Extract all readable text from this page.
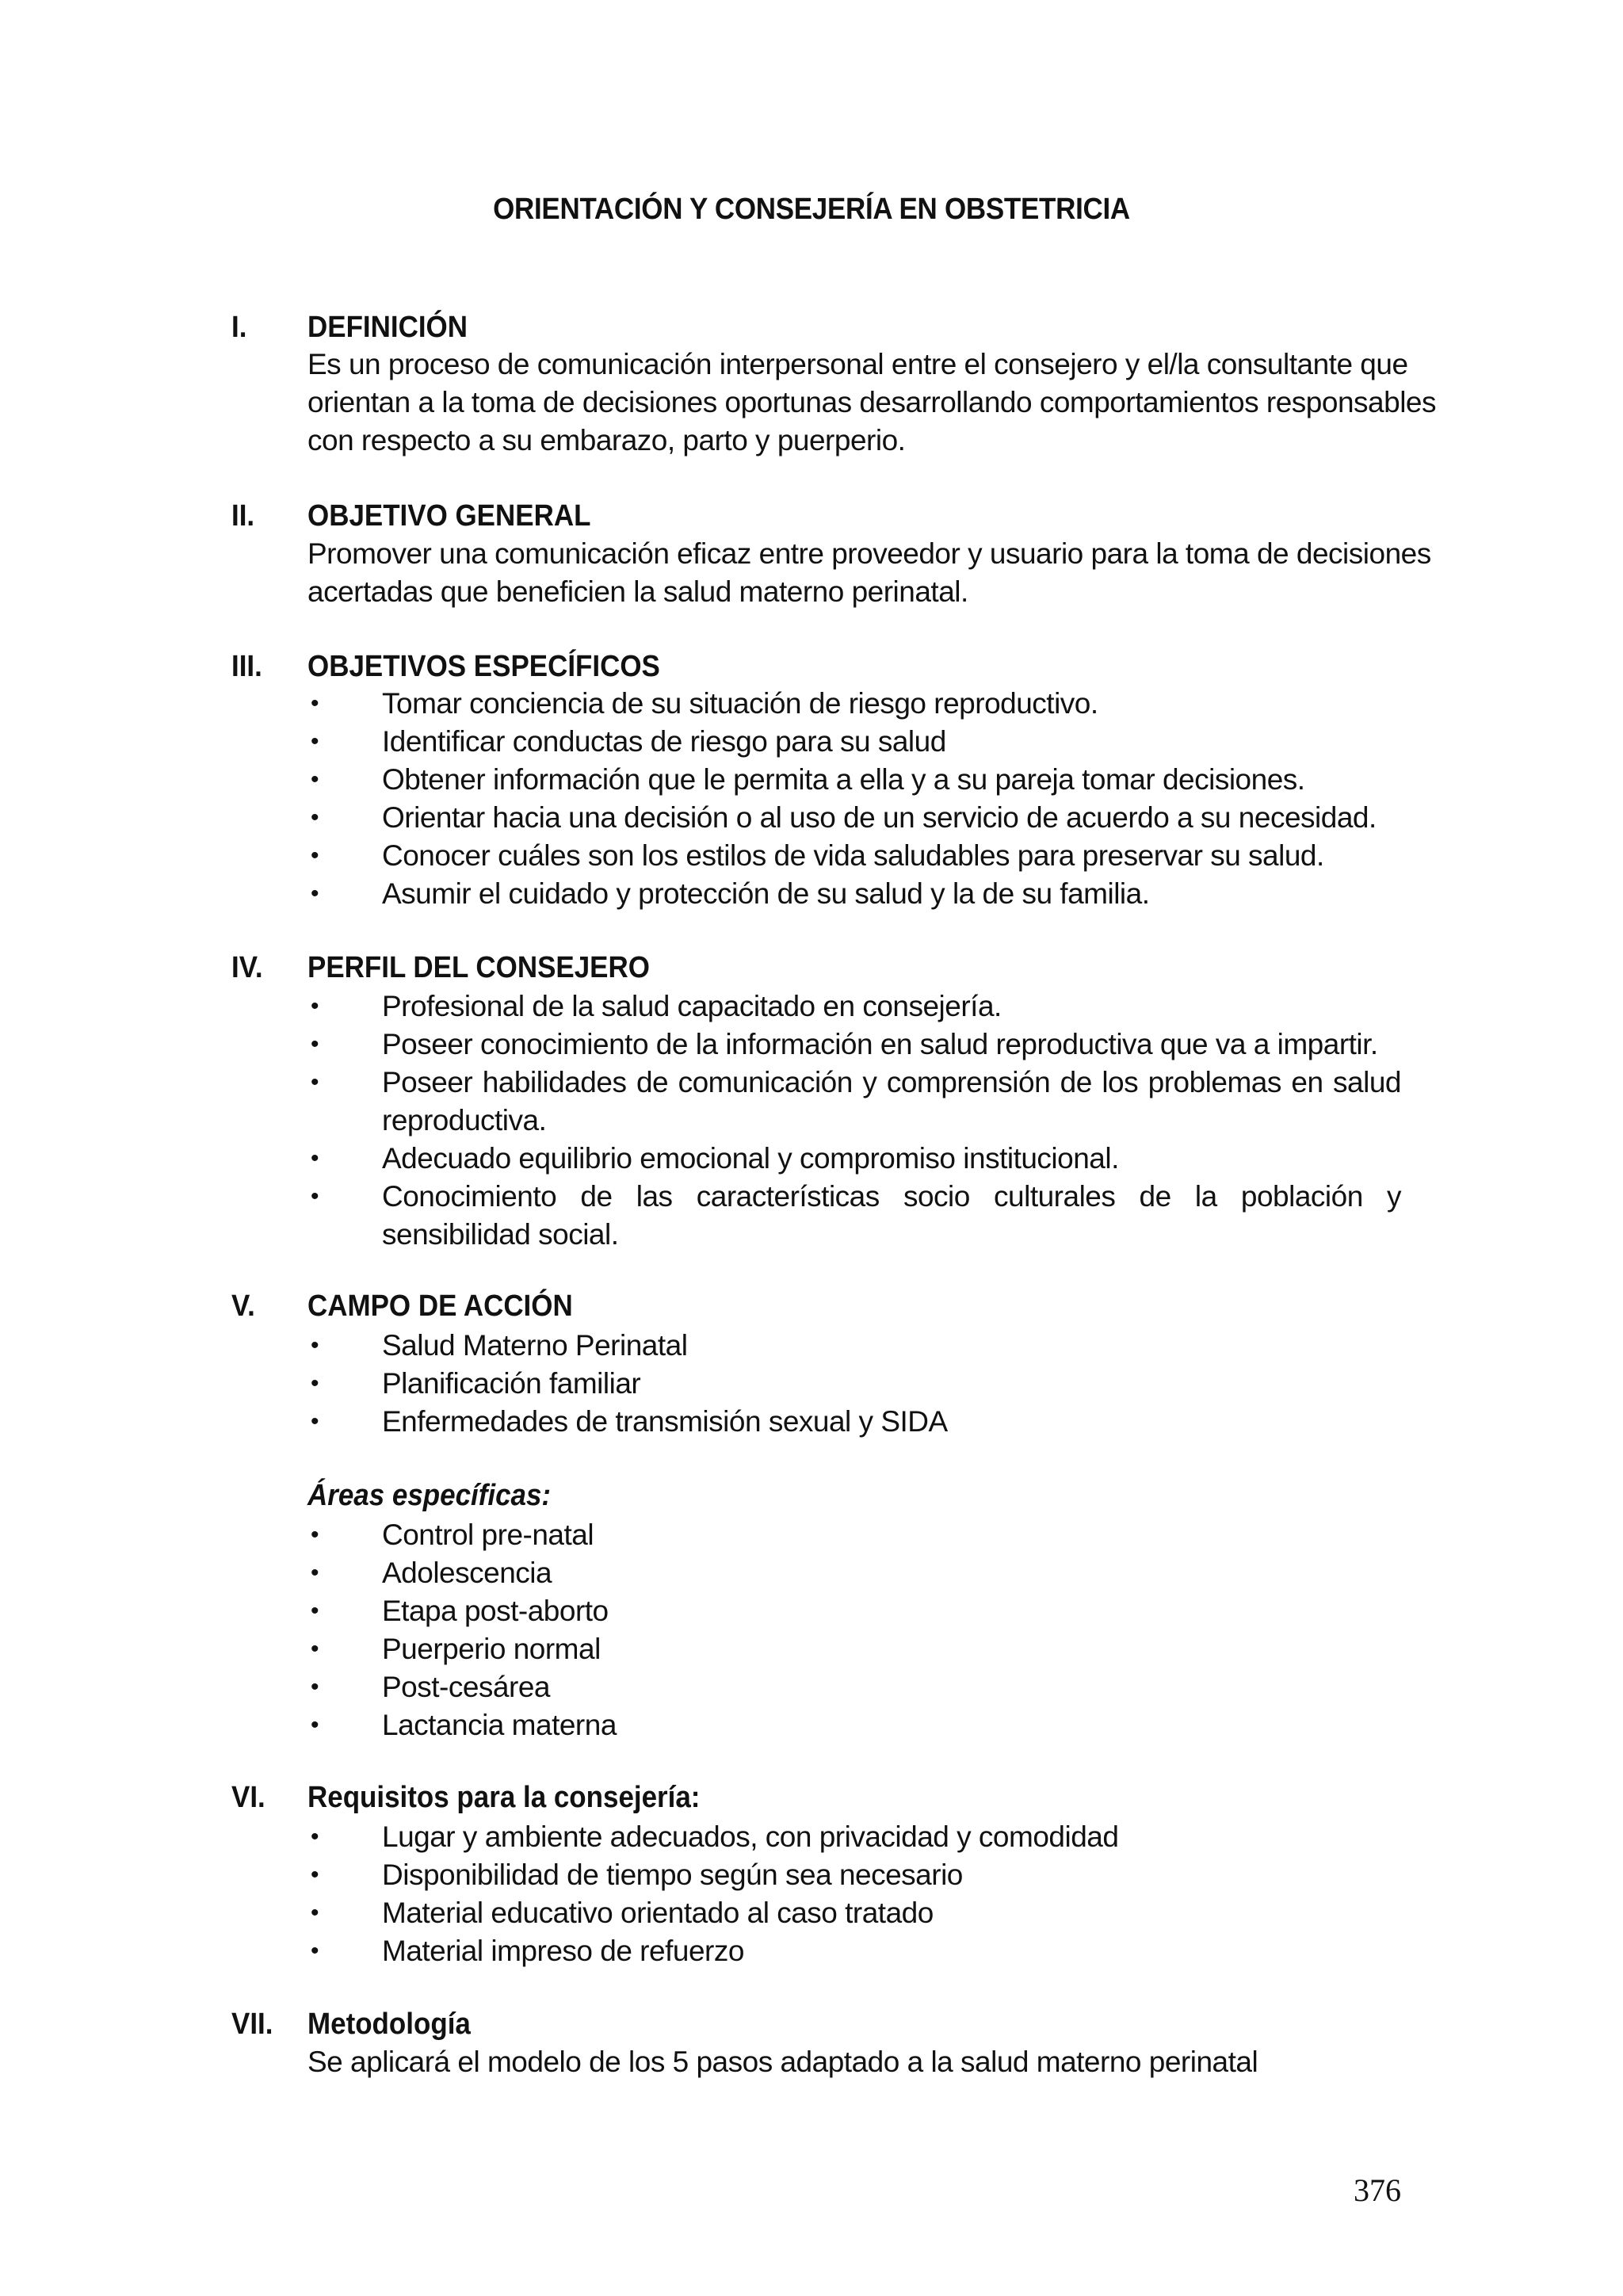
ORIENTACIÓN Y CONSEJERÍA EN OBSTETRICIA
I. DEFINICIÓN
Es un proceso de comunicación interpersonal entre el consejero y el/la consultante que
orientan a la toma de decisiones oportunas desarrollando comportamientos responsables
con respecto a su embarazo, parto y puerperio.
II. OBJETIVO GENERAL
Promover una comunicación eficaz entre proveedor y usuario para la toma de decisiones
acertadas que beneficien la salud materno perinatal.
III. OBJETIVOS ESPECÍFICOS
• Tomar conciencia de su situación de riesgo reproductivo.
• Identificar conductas de riesgo para su salud
• Obtener información que le permita a ella y a su pareja tomar decisiones.
• Orientar hacia una decisión o al uso de un servicio de acuerdo a su necesidad.
• Conocer cuáles son los estilos de vida saludables para preservar su salud.
• Asumir el cuidado y protección de su salud y la de su familia.
IV. PERFIL DEL CONSEJERO
• Profesional de la salud capacitado en consejería.
• Poseer conocimiento de la información en salud reproductiva que va a impartir.
• Poseer habilidades de comunicación y comprensión de los problemas en salud reproductiva.
• Adecuado equilibrio emocional y compromiso institucional.
• Conocimiento de las características socio culturales de la población y sensibilidad social.
V. CAMPO DE ACCIÓN
• Salud Materno Perinatal
• Planificación familiar
• Enfermedades de transmisión sexual y SIDA
Áreas específicas:
• Control pre-natal
• Adolescencia
• Etapa post-aborto
• Puerperio normal
• Post-cesárea
• Lactancia materna
VI. Requisitos para la consejería:
• Lugar y ambiente adecuados, con privacidad y comodidad
• Disponibilidad de tiempo según sea necesario
• Material educativo orientado al caso tratado
• Material impreso de refuerzo
VII. Metodología
Se aplicará el modelo de los 5 pasos adaptado a la salud materno perinatal
376
